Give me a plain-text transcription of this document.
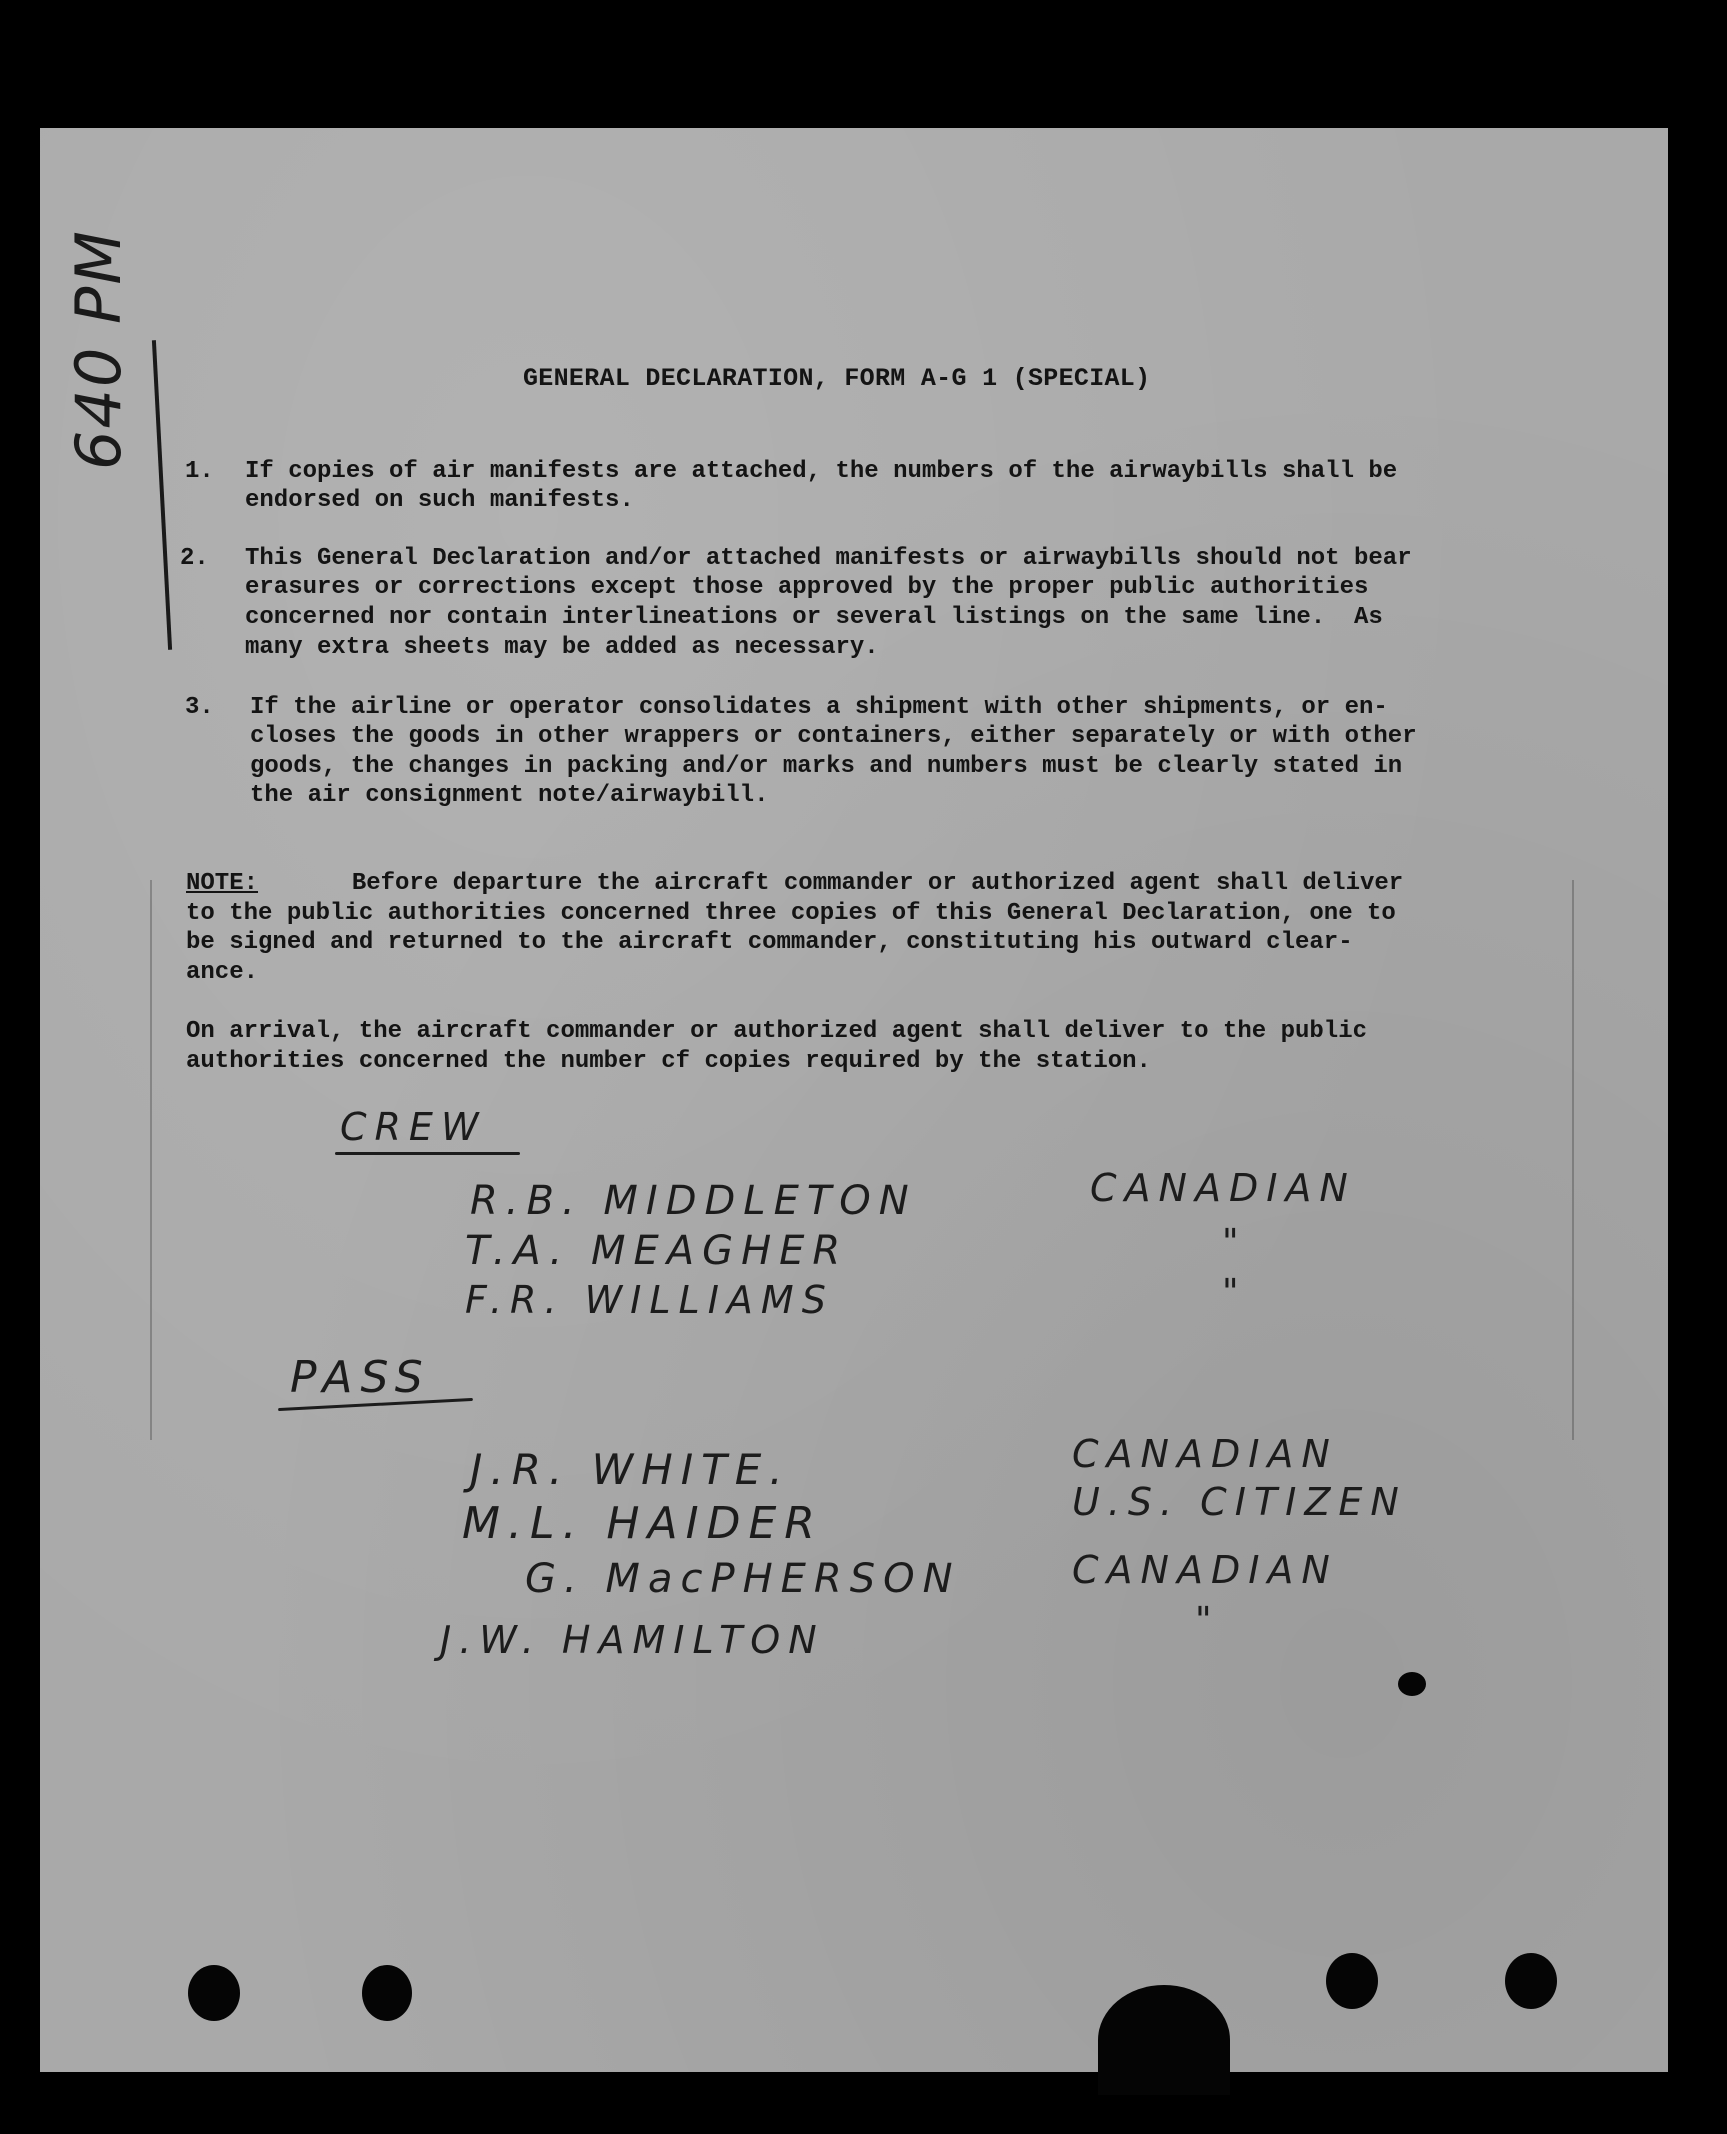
640 PM	GENERAL DECLARATION, FORM A-G 1 (SPECIAL)
1. If copies of air manifests are attached, the numbers of the airwaybills shall be
endorsed on such manifests.
2. This General Declaration and/or attached manifests or airwaybills should not bear
erasures or corrections except those approved by the proper public authorities
concerned nor contain interlineations or several listings on the same line.  As
many extra sheets may be added as necessary.
3. If the airline or operator consolidates a shipment with other shipments, or en-
closes the goods in other wrappers or containers, either separately or with other
goods, the changes in packing and/or marks and numbers must be clearly stated in
the air consignment note/airwaybill.
NOTE:
Before departure the aircraft commander or authorized agent shall deliver
to the public authorities concerned three copies of this General Declaration, one to
be signed and returned to the aircraft commander, constituting his outward clear-
ance.
On arrival, the aircraft commander or authorized agent shall deliver to the public
authorities concerned the number cf copies required by the station.
CREW
R.B. MIDDLETON	CANADIAN
T.A. MEAGHER	"
F.R. WILLIAMS	"
PASS
J.R. WHITE.	CANADIAN
M.L. HAIDER	U.S. CITIZEN
G. MacPHERSON	CANADIAN
J.W. HAMILTON	"
